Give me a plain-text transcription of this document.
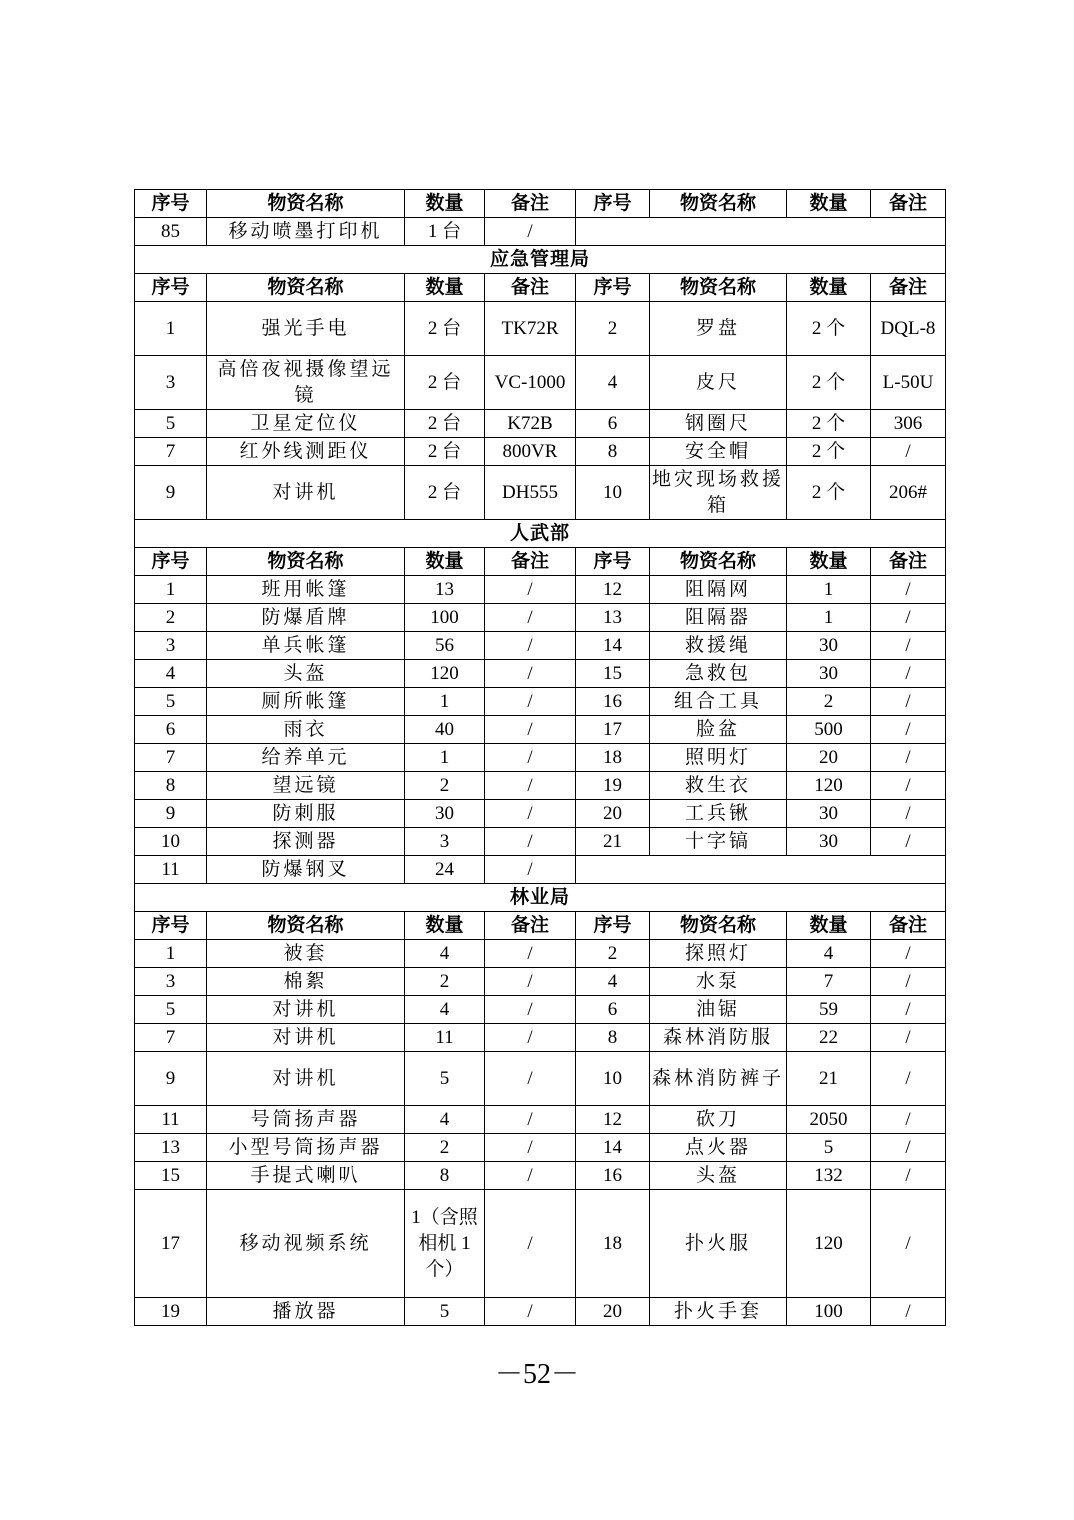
序号	物资名称	数量	备注	序号	物资名称	数量	备注
85	移动喷墨打印机	1 台	/				
应急管理局							
序号	物资名称	数量	备注	序号	物资名称	数量	备注
1	强光手电	2 台	TK72R	2	罗盘	2 个	DQL-8
3	高倍夜视摄像望远镜	2 台	VC-1000	4	皮尺	2 个	L-50U
5	卫星定位仪	2 台	K72B	6	钢圈尺	2 个	306
7	红外线测距仪	2 台	800VR	8	安全帽	2 个	/
9	对讲机	2 台	DH555	10	地灾现场救援箱	2 个	206#
人武部							
序号	物资名称	数量	备注	序号	物资名称	数量	备注
1	班用帐篷	13	/	12	阻隔网	1	/
2	防爆盾牌	100	/	13	阻隔器	1	/
3	单兵帐篷	56	/	14	救援绳	30	/
4	头盔	120	/	15	急救包	30	/
5	厕所帐篷	1	/	16	组合工具	2	/
6	雨衣	40	/	17	脸盆	500	/
7	给养单元	1	/	18	照明灯	20	/
8	望远镜	2	/	19	救生衣	120	/
9	防刺服	30	/	20	工兵锹	30	/
10	探测器	3	/	21	十字镐	30	/
11	防爆钢叉	24	/				
林业局							
序号	物资名称	数量	备注	序号	物资名称	数量	备注
1	被套	4	/	2	探照灯	4	/
3	棉絮	2	/	4	水泵	7	/
5	对讲机	4	/	6	油锯	59	/
7	对讲机	11	/	8	森林消防服	22	/
9	对讲机	5	/	10	森林消防裤子	21	/
11	号筒扬声器	4	/	12	砍刀	2050	/
13	小型号筒扬声器	2	/	14	点火器	5	/
15	手提式喇叭	8	/	16	头盔	132	/
17	移动视频系统	1（含照相机 1 个）	/	18	扑火服	120	/
19	播放器	5	/	20	扑火手套	100	/
－52－
